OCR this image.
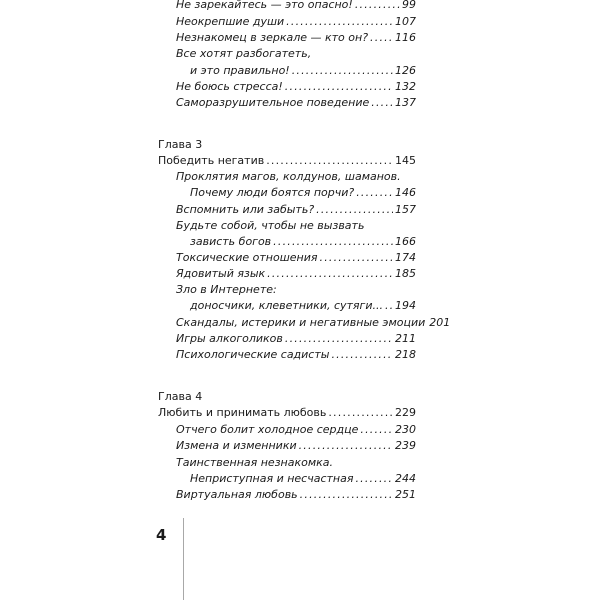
Не зарекайтесь — это опасно! .....	99
Неокрепшие души .....	107
Незнакомец в зеркале — кто он? ..... 116
Все хотят разбогатеть,
и это правильно! .....	126
Не боюсь стресса! .....	132
Саморазрушительное поведение ..... 137
Глава 3
Победить негатив .....	145
Проклятия магов, колдунов, шаманов.
Почему люди боятся порчи? .....	146
Вспомнить или забыть? .....	157
Будьте собой, чтобы не вызвать
зависть богов .....	166
Токсические отношения .....	174
Ядовитый язык .....	185
Зло в Интернете:
доносчики, клеветники, сутяги... ..... 194
Скандалы, истерики и негативные эмоции 201
Игры алкоголиков .....	211
Психологические садисты .....	218
Глава 4
Любить и принимать любовь .....	229
Отчего болит холодное сердце .....	230
Измена и изменники .....	239
Таинственная незнакомка.
Неприступная и несчастная .....	244
Виртуальная любовь .....	251
4
